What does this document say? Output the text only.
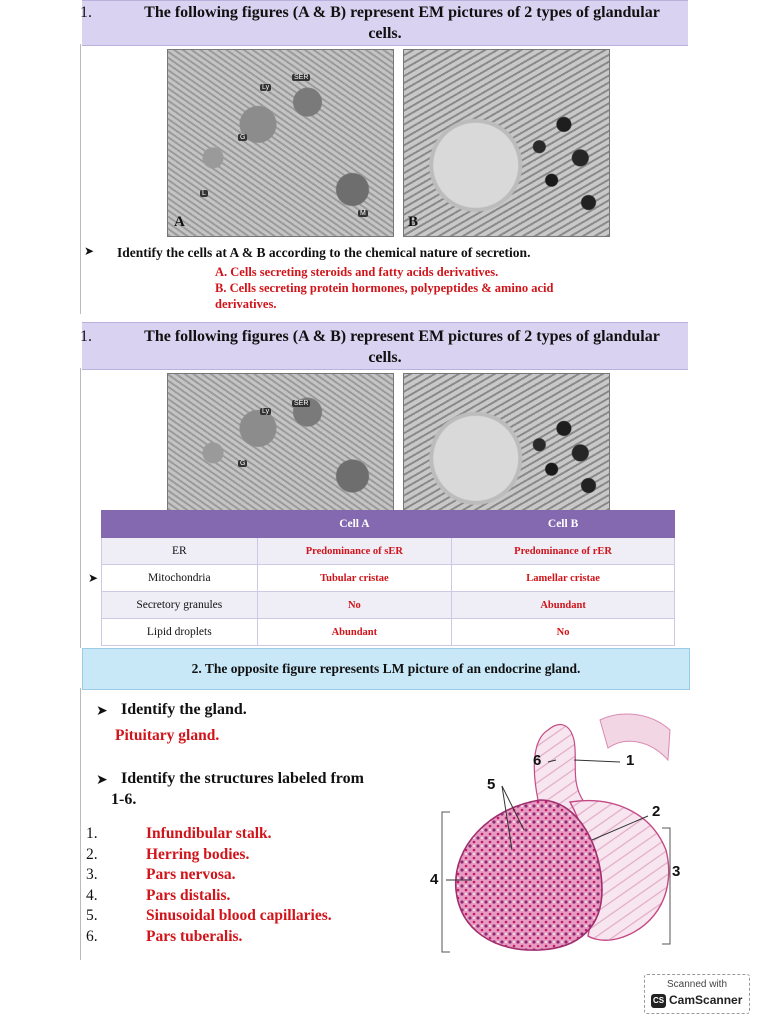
1.	The following figures (A & B) represent EM pictures of 2 types of glandular
cells.
SER
Ly
G
L
M
A	B
➤ Identify the cells at A & B according to the chemical nature of secretion.
A. Cells secreting steroids and fatty acids derivatives.
B. Cells secreting protein hormones, polypeptides & amino acid
derivatives.
1.	The following figures (A & B) represent EM pictures of 2 types of glandular
cells.
SER
Ly
G
➤
	Cell A	Cell B
ER	Predominance of sER	Predominance of rER
Mitochondria	Tubular cristae	Lamellar cristae
Secretory granules	No	Abundant
Lipid droplets	Abundant	No
2. The opposite figure represents LM picture of an endocrine gland.
➤ Identify the gland.
Pituitary gland.
➤ Identify the structures labeled from
1-6.
1.	Infundibular stalk.
2.	Herring bodies.
3.	Pars nervosa.
4.	Pars distalis.
5.	Sinusoidal blood capillaries.
6.	Pars tuberalis.
1
2
3
4
5
6
Scanned with
CS CamScanner
